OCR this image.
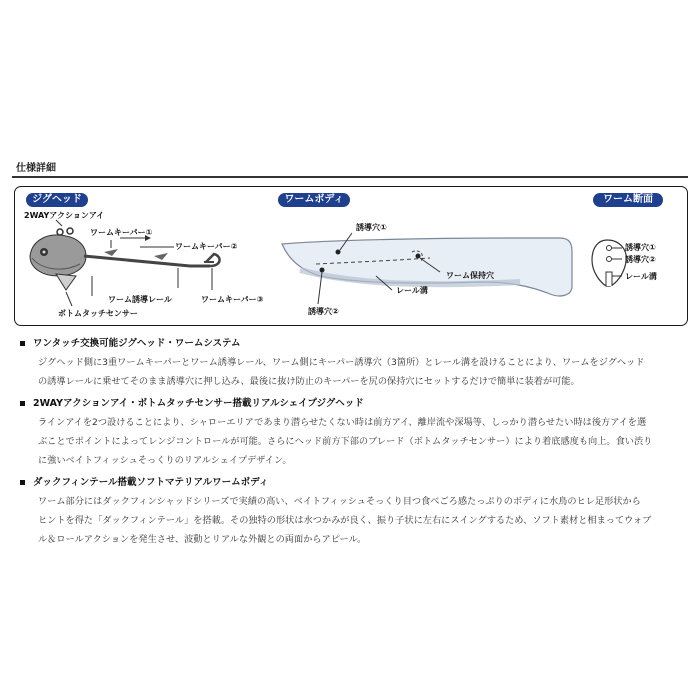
仕様詳細
ジグヘッド	ワームボディ	ワーム断面
2WAYアクションアイ
ワームキーパー①
ワームキーパー②
ワーム誘導レール	ワームキーパー③
ボトムタッチセンサー
誘導穴①
ワーム保持穴
レール溝
誘導穴②
誘導穴①
誘導穴②
レール溝
ワンタッチ交換可能ジグヘッド・ワームシステム
ジグヘッド側に3重ワームキーパーとワーム誘導レール、ワーム側にキーパー誘導穴（3箇所）とレール溝を設けることにより、ワームをジグヘッド
の誘導レールに乗せてそのまま誘導穴に押し込み、最後に抜け防止のキーパーを尻の保持穴にセットするだけで簡単に装着が可能。
2WAYアクションアイ・ボトムタッチセンサー搭載リアルシェイプジグヘッド
ラインアイを2つ設けることにより、シャローエリアであまり潜らせたくない時は前方アイ、離岸流や深場等、しっかり潜らせたい時は後方アイを選
ぶことでポイントによってレンジコントロールが可能。さらにヘッド前方下部のブレード（ボトムタッチセンサー）により着底感度も向上。食い渋り
に強いベイトフィッシュそっくりのリアルシェイプデザイン。
ダックフィンテール搭載ソフトマテリアルワームボディ
ワーム部分にはダックフィンシャッドシリーズで実績の高い、ベイトフィッシュそっくり目つ食べごろ感たっぷりのボディに水鳥のヒレ足形状から
ヒントを得た「ダックフィンテール」を搭載。その独特の形状は水つかみが良く、振り子状に左右にスイングするため、ソフト素材と相まってウォブ
ル＆ロールアクションを発生させ、波動とリアルな外観との両面からアピール。
